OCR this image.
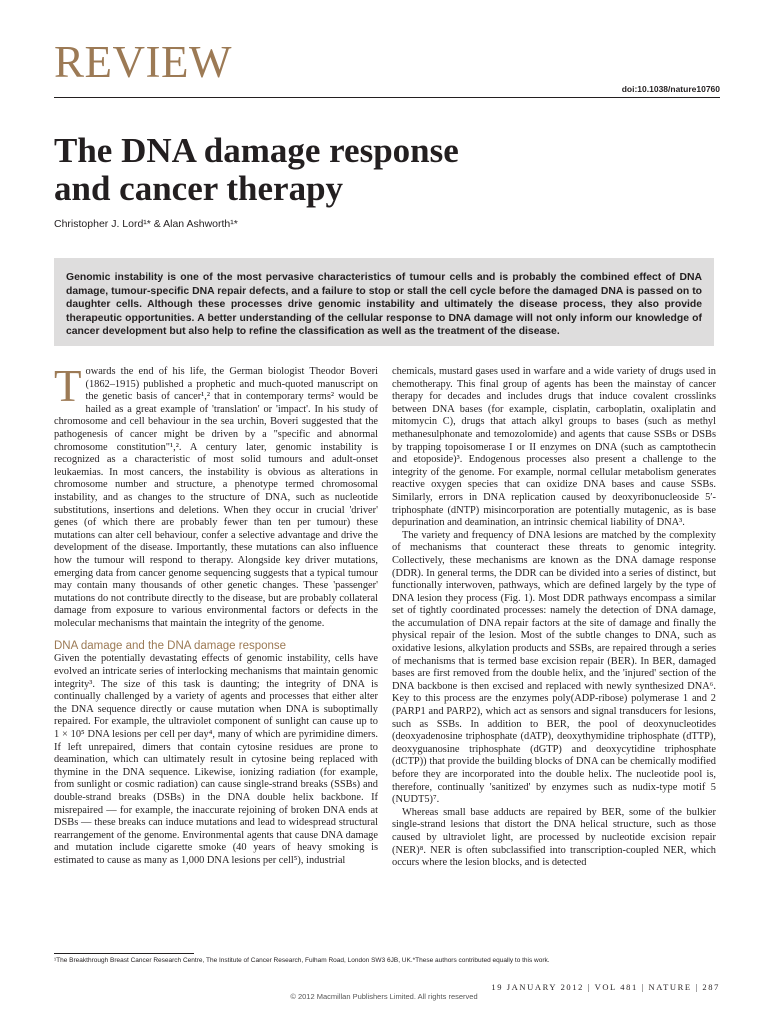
REVIEW
doi:10.1038/nature10760
The DNA damage response
and cancer therapy
Christopher J. Lord¹* & Alan Ashworth¹*

Genomic instability is one of the most pervasive characteristics of tumour cells and is probably the combined effect of DNA damage, tumour-specific DNA repair defects, and a failure to stop or stall the cell cycle before the damaged DNA is passed on to daughter cells. Although these processes drive genomic instability and ultimately the disease process, they also provide therapeutic opportunities. A better understanding of the cellular response to DNA damage will not only inform our knowledge of cancer development but also help to refine the classification as well as the treatment of the disease.

Towards the end of his life, the German biologist Theodor Boveri (1862–1915) published a prophetic and much-quoted manuscript on the genetic basis of cancer¹,² that in contemporary terms² would be hailed as a great example of 'translation' or 'impact'. In his study of chromosome and cell behaviour in the sea urchin, Boveri suggested that the pathogenesis of cancer might be driven by a "specific and abnormal chromosome constitution"¹,². A century later, genomic instability is recognized as a characteristic of most solid tumours and adult-onset leukaemias. In most cancers, the instability is obvious as alterations in chromosome number and structure, a phenotype termed chromosomal instability, and as changes to the structure of DNA, such as nucleotide substitutions, insertions and deletions. When they occur in crucial 'driver' genes (of which there are probably fewer than ten per tumour) these mutations can alter cell behaviour, confer a selective advantage and drive the development of the disease. Importantly, these mutations can also influence how the tumour will respond to therapy. Alongside key driver mutations, emerging data from cancer genome sequencing suggests that a typical tumour may contain many thousands of other genetic changes. These 'passenger' mutations do not contribute directly to the disease, but are probably collateral damage from exposure to various environmental factors or defects in the molecular mechanisms that maintain the integrity of the genome.

DNA damage and the DNA damage response

Given the potentially devastating effects of genomic instability, cells have evolved an intricate series of interlocking mechanisms that maintain genomic integrity³. The size of this task is daunting; the integrity of DNA is continually challenged by a variety of agents and processes that either alter the DNA sequence directly or cause mutation when DNA is suboptimally repaired. For example, the ultraviolet component of sunlight can cause up to 1 × 10⁵ DNA lesions per cell per day⁴, many of which are pyrimidine dimers. If left unrepaired, dimers that contain cytosine residues are prone to deamination, which can ultimately result in cytosine being replaced with thymine in the DNA sequence. Likewise, ionizing radiation (for example, from sunlight or cosmic radiation) can cause single-strand breaks (SSBs) and double-strand breaks (DSBs) in the DNA double helix backbone. If misrepaired — for example, the inaccurate rejoining of broken DNA ends at DSBs — these breaks can induce mutations and lead to widespread structural rearrangement of the genome. Environmental agents that cause DNA damage and mutation include cigarette smoke (40 years of heavy smoking is estimated to cause as many as 1,000 DNA lesions per cell⁵), industrial

chemicals, mustard gases used in warfare and a wide variety of drugs used in chemotherapy. This final group of agents has been the mainstay of cancer therapy for decades and includes drugs that induce covalent crosslinks between DNA bases (for example, cisplatin, carboplatin, oxaliplatin and mitomycin C), drugs that attach alkyl groups to bases (such as methyl methanesulphonate and temozolomide) and agents that cause SSBs or DSBs by trapping topoisomerase I or II enzymes on DNA (such as camptothecin and etoposide)³. Endogenous processes also present a challenge to the integrity of the genome. For example, normal cellular metabolism generates reactive oxygen species that can oxidize DNA bases and cause SSBs. Similarly, errors in DNA replication caused by deoxyribonucleoside 5′-triphosphate (dNTP) misincorporation are potentially mutagenic, as is base depurination and deamination, an intrinsic chemical liability of DNA³.

The variety and frequency of DNA lesions are matched by the complexity of mechanisms that counteract these threats to genomic integrity. Collectively, these mechanisms are known as the DNA damage response (DDR). In general terms, the DDR can be divided into a series of distinct, but functionally interwoven, pathways, which are defined largely by the type of DNA lesion they process (Fig. 1). Most DDR pathways encompass a similar set of tightly coordinated processes: namely the detection of DNA damage, the accumulation of DNA repair factors at the site of damage and finally the physical repair of the lesion. Most of the subtle changes to DNA, such as oxidative lesions, alkylation products and SSBs, are repaired through a series of mechanisms that is termed base excision repair (BER). In BER, damaged bases are first removed from the double helix, and the 'injured' section of the DNA backbone is then excised and replaced with newly synthesized DNA⁶. Key to this process are the enzymes poly(ADP-ribose) polymerase 1 and 2 (PARP1 and PARP2), which act as sensors and signal transducers for lesions, such as SSBs. In addition to BER, the pool of deoxynucleotides (deoxyadenosine triphosphate (dATP), deoxythymidine triphosphate (dTTP), deoxyguanosine triphosphate (dGTP) and deoxycytidine triphosphate (dCTP)) that provide the building blocks of DNA can be chemically modified before they are incorporated into the double helix. The nucleotide pool is, therefore, continually 'sanitized' by enzymes such as nudix-type motif 5 (NUDT5)⁷.

Whereas small base adducts are repaired by BER, some of the bulkier single-strand lesions that distort the DNA helical structure, such as those caused by ultraviolet light, are processed by nucleotide excision repair (NER)⁸. NER is often subclassified into transcription-coupled NER, which occurs where the lesion blocks, and is detected

¹The Breakthrough Breast Cancer Research Centre, The Institute of Cancer Research, Fulham Road, London SW3 6JB, UK.*These authors contributed equally to this work.
19 JANUARY 2012 | VOL 481 | NATURE | 287
© 2012 Macmillan Publishers Limited. All rights reserved
